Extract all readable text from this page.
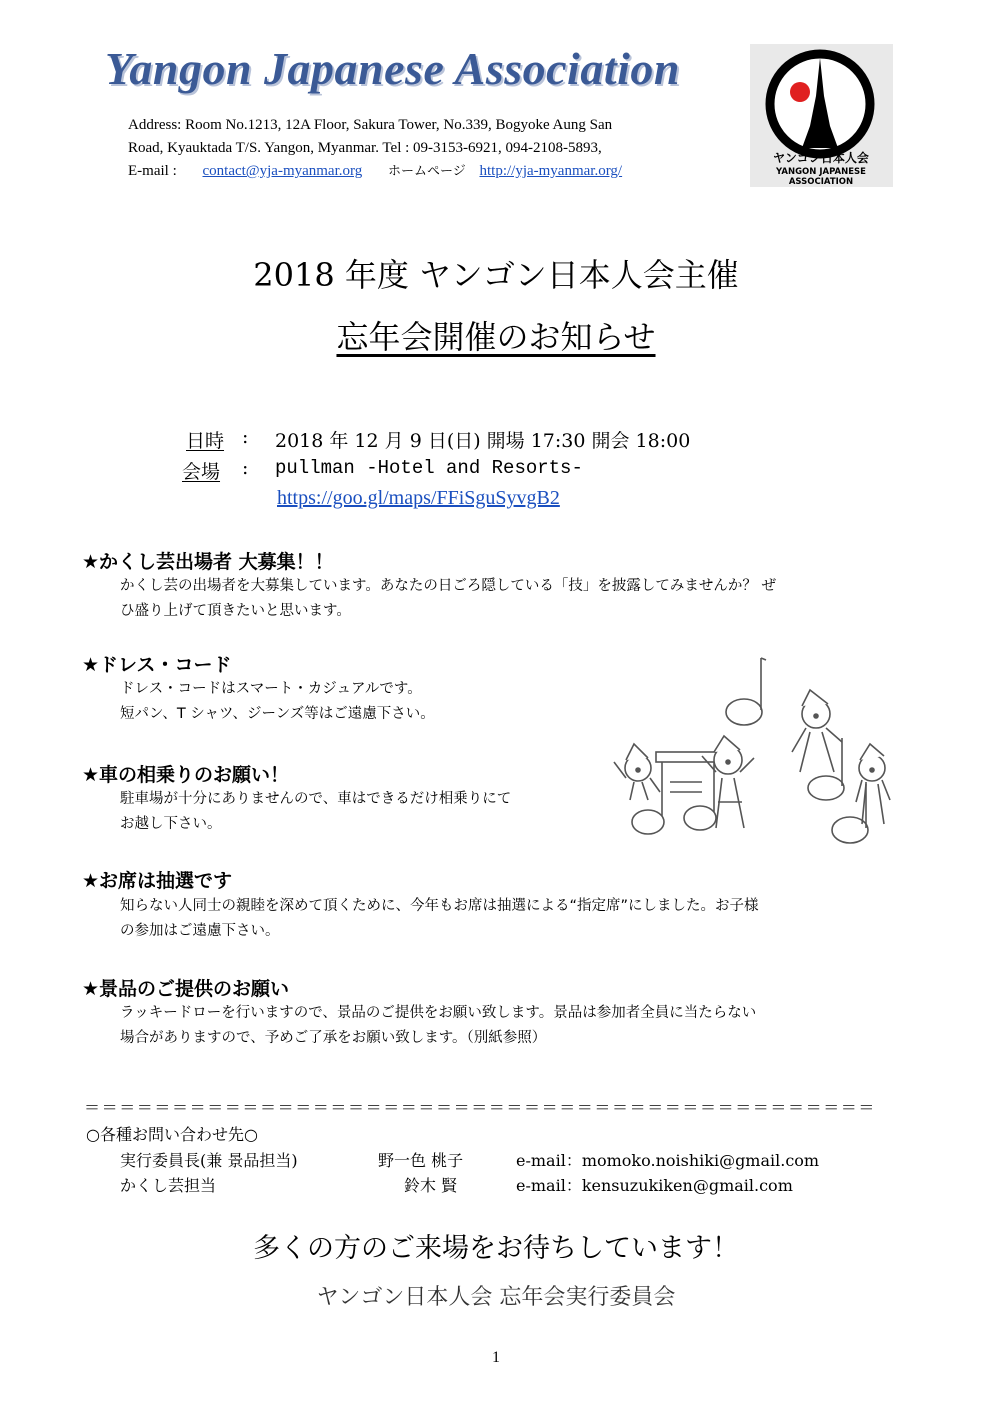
Yangon Japanese Association
Address: Room No.1213, 12A Floor, Sakura Tower, No.339, Bogyoke Aung San
Road, Kyauktada T/S. Yangon, Myanmar. Tel : 09-3153-6921, 094-2108-5893,
E-mail : contact@yja-myanmar.org ホームページ http://yja-myanmar.org/
ヤンゴン日本人会
YANGON JAPANESE
ASSOCIATION
2018 年度 ヤンゴン日本人会主催
忘年会開催のお知らせ
日時 : 2018 年 12 月 9 日(日) 開場 17:30 開会 18:00
会場 : pullman -Hotel and Resorts-
https://goo.gl/maps/FFiSguSyvgB2
★かくし芸出場者 大募集！！
かくし芸の出場者を大募集しています。あなたの日ごろ隠している「技」を披露してみませんか？ ぜ
ひ盛り上げて頂きたいと思います。
★ドレス・コード
ドレス・コードはスマート・カジュアルです。
短パン、T シャツ、ジーンズ等はご遠慮下さい。
★車の相乗りのお願い！
駐車場が十分にありませんので、車はできるだけ相乗りにて
お越し下さい。
★お席は抽選です
知らない人同士の親睦を深めて頂くために、今年もお席は抽選による“指定席”にしました。お子様
の参加はご遠慮下さい。
★景品のご提供のお願い
ラッキードローを行いますので、景品のご提供をお願い致します。景品は参加者全員に当たらない
場合がありますので、予めご了承をお願い致します。（別紙参照）
＝＝＝＝＝＝＝＝＝＝＝＝＝＝＝＝＝＝＝＝＝＝＝＝＝＝＝＝＝＝＝＝＝＝＝＝＝＝＝＝＝＝＝＝＝
○各種お問い合わせ先○
実行委員長(兼 景品担当)	野一色 桃子	e-mail：momoko.noishiki@gmail.com
かくし芸担当	鈴木 賢	e-mail：kensuzukiken@gmail.com
多くの方のご来場をお待ちしています！
ヤンゴン日本人会 忘年会実行委員会
1
